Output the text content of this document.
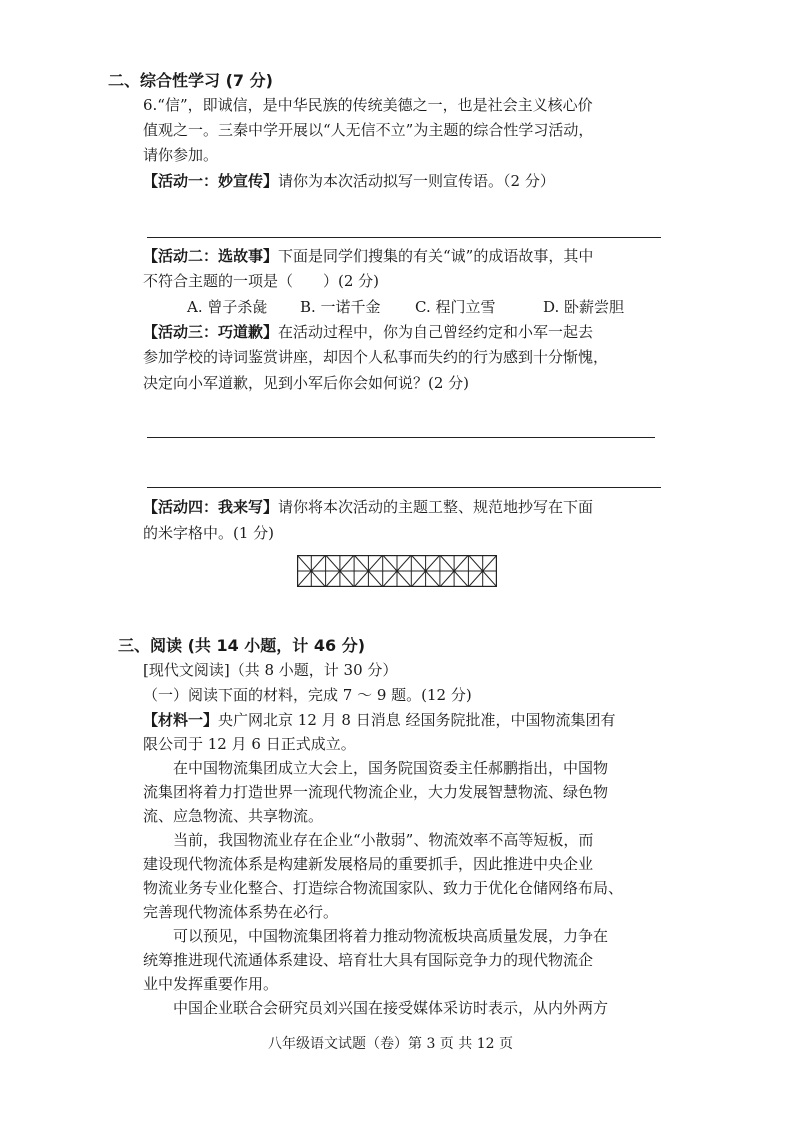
二、综合性学习 (7 分)
6.“信”，即诚信，是中华民族的传统美德之一，也是社会主义核心价
值观之一。三秦中学开展以“人无信不立”为主题的综合性学习活动，
请你参加。
【活动一：妙宣传】请你为本次活动拟写一则宣传语。（2 分）
【活动二：选故事】下面是同学们搜集的有关“诚”的成语故事，其中
不符合主题的一项是（　　）(2 分)
A. 曾子杀彘 B. 一诺千金 C. 程门立雪	D. 卧薪尝胆
【活动三：巧道歉】在活动过程中，你为自己曾经约定和小军一起去
参加学校的诗词鉴赏讲座，却因个人私事而失约的行为感到十分惭愧，
决定向小军道歉，见到小军后你会如何说？(2 分)
【活动四：我来写】请你将本次活动的主题工整、规范地抄写在下面
的米字格中。(1 分)
三、阅读 (共 14 小题，计 46 分)
[现代文阅读]（共 8 小题，计 30 分）
（一）阅读下面的材料，完成 7 ～ 9 题。(12 分)
【材料一】央广网北京 12 月 8 日消息 经国务院批准，中国物流集团有
限公司于 12 月 6 日正式成立。
　　在中国物流集团成立大会上，国务院国资委主任郝鹏指出，中国物
流集团将着力打造世界一流现代物流企业，大力发展智慧物流、绿色物
流、应急物流、共享物流。
　　当前，我国物流业存在企业“小散弱”、物流效率不高等短板，而
建设现代物流体系是构建新发展格局的重要抓手，因此推进中央企业
物流业务专业化整合、打造综合物流国家队、致力于优化仓储网络布局、
完善现代物流体系势在必行。
　　可以预见，中国物流集团将着力推动物流板块高质量发展，力争在
统筹推进现代流通体系建设、培育壮大具有国际竞争力的现代物流企
业中发挥重要作用。
　　中国企业联合会研究员刘兴国在接受媒体采访时表示，从内外两方
八年级语文试题（卷）第 3 页 共 12 页
